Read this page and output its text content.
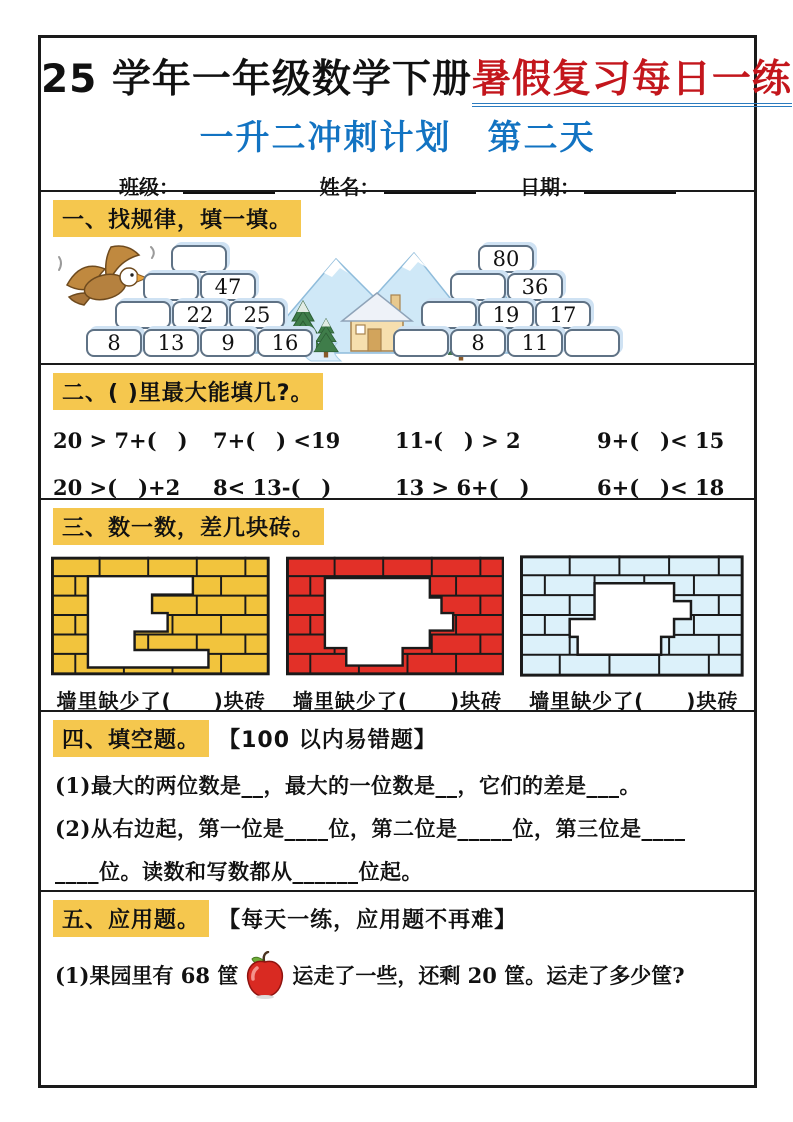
25 学年一年级数学下册暑假复习每日一练
一升二冲刺计划　第二天
班级：	姓名：	日期：
一、找规律，填一填。
47
22	25
8	13	9	16
80
36
19	17
8	11
二、( )里最大能填几?。
20 > 7+(　)	7+(　) <19	11-(　) > 2	9+(　)< 15
20 >(　)+2	8< 13-(　)	13 > 6+(　)	6+(　)< 18
三、数一数，差几块砖。
墙里缺少了(　　)块砖 墙里缺少了(　　)块砖 墙里缺少了(　　)块砖
四、填空题。 【100 以内易错题】
(1)最大的两位数是__，最大的一位数是__，它们的差是___。
(2)从右边起，第一位是____位，第二位是_____位，第三位是____
____位。读数和写数都从______位起。
五、应用题。 【每天一练，应用题不再难】
(1)果园里有 68 筐	运走了一些，还剩 20 筐。运走了多少筐?
